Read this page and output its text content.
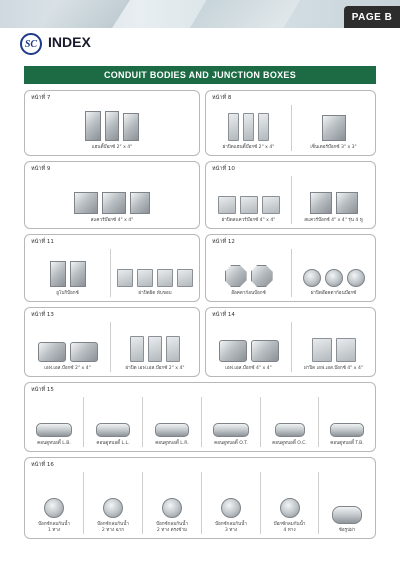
PAGE B
SC INDEX
CONDUIT BODIES AND JUNCTION BOXES
หน้าที่ 7
แฮนดี้บ๊อกซ์ 2" x 4"
หน้าที่ 8
ฝาปิดแฮนดี้บ๊อกซ์ 2" x 4"	เซ็นเตอร์บ๊อกซ์ 3" x 3"
หน้าที่ 9
สแควร์บ๊อกซ์ 4" x 4"
หน้าที่ 10
ฝาปิดสแควร์บ๊อกซ์ 4" x 4"	สแควร์บ๊อกซ์ 4" x 4" รุ่น 4 หู
หน้าที่ 11
ยูโบกิบ๊อกซ์	ฝาปิดผิด พับขอบ
หน้าที่ 12
อ๊อคตาก้อนบ๊อกซ์	ฝาปิดอ๊อคตาก้อนบ๊อกซ์
หน้าที่ 13
เอฟ.เอส.บ๊อกซ์ 2" x 4"	ฝาปิด เอฟ.เอส.บ๊อกซ์ 2" x 4"
หน้าที่ 14
เอฟ.เอส.บ๊อกซ์ 4" x 4"	ฝาปิด เอฟ.เอส.บ๊อกซ์ 4" x 4"
หน้าที่ 15
คอนดูทบอดี้ L.B.	คอนดูทบอดี้ L.L.	คอนดูทบอดี้ L.R.	คอนดูทบอดี้ O.T.	คอนดูทบอดี้ O.C.	คอนดูทบอดี้ T.B.
หน้าที่ 16
บ๊อกซ์กลมกันน้ำ
1 ทาง
บ๊อกซ์กลมกันน้ำ
2 ทาง ฉาก
บ๊อกซ์กลมกันน้ำ
2 ทาง ตรงข้าม
บ๊อกซ์กลมกันน้ำ
3 ทาง
บ๊อกซ์กลมกันน้ำ
4 ทาง	ข้อรูปผ่า
